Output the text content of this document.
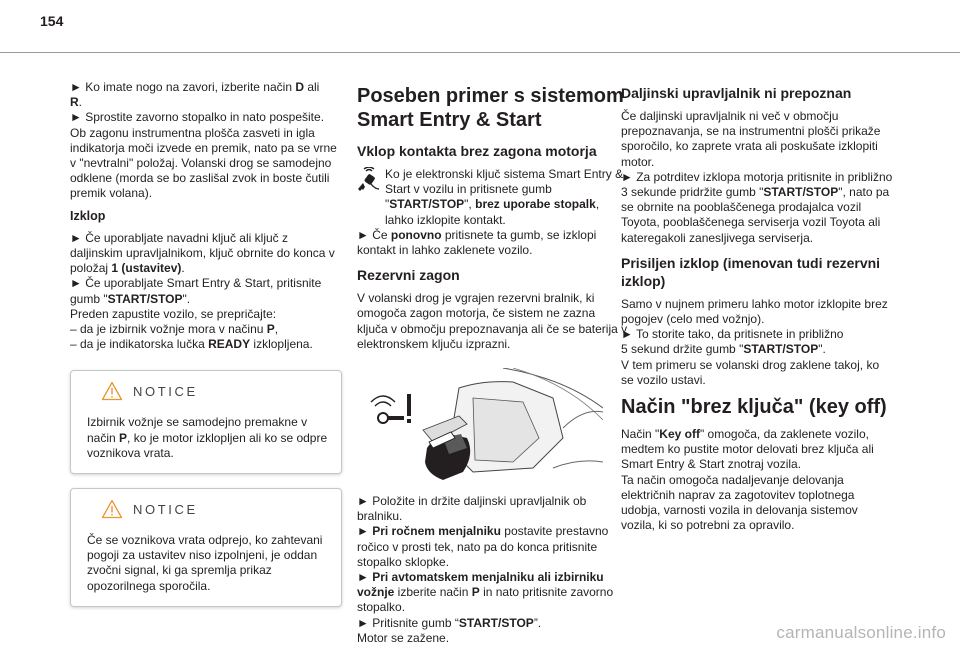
154

► Ko imate nogo na zavori, izberite način D ali
R.

► Sprostite zavorno stopalko in nato pospešite.

Ob zagonu instrumentna plošča zasveti in igla indikatorja moči izvede en premik, nato pa se vrne v "nevtralni" položaj. Volanski drog se samodejno odklene (morda se bo zaslišal zvok in boste čutili premik volana).

Izklop

► Če uporabljate navadni ključ ali ključ z daljinskim upravljalnikom, ključ obrnite do konca v položaj 1 (ustavitev).

► Če uporabljate Smart Entry & Start, pritisnite gumb "START/STOP".

Preden zapustite vozilo, se prepričajte:

– da je izbirnik vožnje mora v načinu P,

– da je indikatorska lučka READY izklopljena.

NOTICE

Izbirnik vožnje se samodejno premakne v način P, ko je motor izklopljen ali ko se odpre voznikova vrata.

NOTICE

Če se voznikova vrata odprejo, ko zahtevani pogoji za ustavitev niso izpolnjeni, je oddan zvočni signal, ki ga spremlja prikaz opozorilnega sporočila.

Poseben primer s sistemom Smart Entry & Start
Vklop kontakta brez zagona motorja

Ko je elektronski ključ sistema Smart Entry & Start v vozilu in pritisnete gumb "START/STOP", brez uporabe stopalk, lahko izklopite kontakt.

► Če ponovno pritisnete ta gumb, se izklopi kontakt in lahko zaklenete vozilo.

Rezervni zagon

V volanski drog je vgrajen rezervni bralnik, ki omogoča zagon motorja, če sistem ne zazna ključa v območju prepoznavanja ali če se baterija v elektronskem ključu izprazni.

► Položite in držite daljinski upravljalnik ob bralniku.

► Pri ročnem menjalniku postavite prestavno ročico v prosti tek, nato pa do konca pritisnite stopalko sklopke.

► Pri avtomatskem menjalniku ali izbirniku vožnje izberite način P in nato pritisnite zavorno stopalko.

► Pritisnite gumb “START/STOP”.

Motor se zažene.

Daljinski upravljalnik ni prepoznan

Če daljinski upravljalnik ni več v območju prepoznavanja, se na instrumentni plošči prikaže sporočilo, ko zaprete vrata ali poskušate izklopiti motor.

► Za potrditev izklopa motorja pritisnite in približno 3 sekunde pridržite gumb "START/STOP", nato pa se obrnite na pooblaščenega prodajalca vozil Toyota, pooblaščenega serviserja vozil Toyota ali kateregakoli zanesljivega serviserja.

Prisiljen izklop (imenovan tudi rezervni izklop)

Samo v nujnem primeru lahko motor izklopite brez pogojev (celo med vožnjo).

► To storite tako, da pritisnete in približno

5 sekund držite gumb "START/STOP".

V tem primeru se volanski drog zaklene takoj, ko se vozilo ustavi.

Način "brez ključa" (key off)

Način "Key off" omogoča, da zaklenete vozilo, medtem ko pustite motor delovati brez ključa ali Smart Entry & Start znotraj vozila.

Ta način omogoča nadaljevanje delovanja električnih naprav za zagotovitev toplotnega udobja, varnosti vozila in delovanja sistemov vozila, ki so potrebni za opravilo.

carmanualsonline.info
